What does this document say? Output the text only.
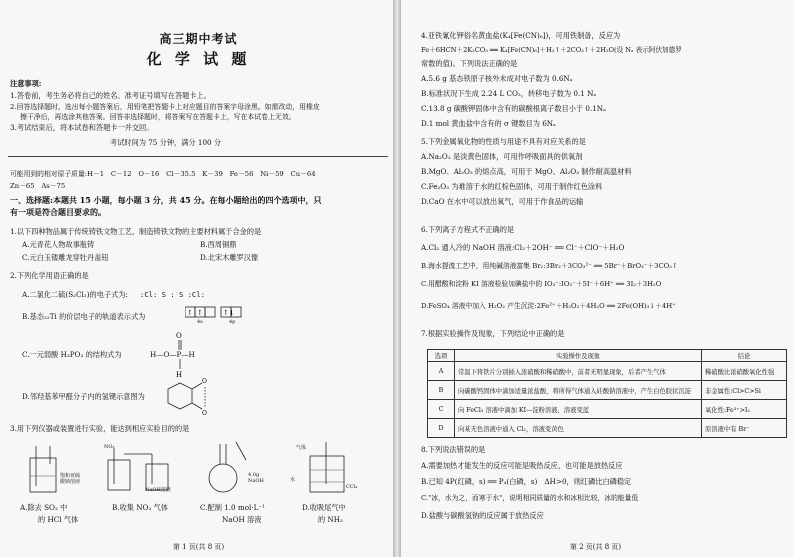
高三期中考试
化 学 试 题
注意事项:
1.答卷前，考生务必将自己的姓名、准考证号填写在答题卡上。
2.回答选择题时，选出每小题答案后，用铅笔把答题卡上对应题目的答案字母涂黑。如需改动，用橡皮
擦干净后，再选涂其他答案。回答非选择题时，将答案写在答题卡上，写在本试卷上无效。
3.考试结束后，将本试卷和答题卡一并交回。
考试时间为 75 分钟，满分 100 分
可能用到的相对原子质量:H－1　C－12　O－16　Cl－35.5　K－39　Fe－56　Ni－59　Cu－64
Zn－65　As－75
一、选择题:本题共 15 小题，每小题 3 分，共 45 分。在每小题给出的四个选项中，只
有一项是符合题目要求的。
1.以下四种物品属于传统铸铁文物工艺，制造铸铁文物的主要材料属于合金的是
A.元青花人物故事瓶铸	B.西周铜鼎
C.元白玉镂雕龙穿牡丹盖钮	D.北宋木雕罗汉像
2.下列化学用语正确的是
A.二氯化二硫(S₂Cl₂)的电子式为: :Cl: S : S :Cl:
B.基态₂₂Ti 的价层电子的轨道表示式为	↑ ↑	↑↓
4s	4p
C.一元弱酸 H₃PO₂ 的结构式为	H—O—P—H
O
H
D.邻羟基苯甲醛分子内的氢键示意图为
O
O
3.用下列仪器或装置进行实验，能达到相应实验目的的是
饱和亚硫
酸钠溶液
NO₂
NaOH溶液
4.0g
NaOH
气体
水
CCl₄
A.除去 SO₂ 中	B.收集 NO₂ 气体	C.配制 1.0 mol·L⁻¹	D.收吸尾气中
的 HCl 气体	NaOH 溶液	的 NH₃
第 1 页(共 8 页)
4.亚铁氰化钾俗名黄血盐(K₄[Fe(CN)₆])，可用铁制备，反应为
Fe＋6HCN＋2K₂CO₃ ══ K₄[Fe(CN)₆]＋H₂↑＋2CO₂↑＋2H₂O(设 Nₐ 表示阿伏加德罗
常数的值)。下列说法正确的是
A.5.6 g 基态铁原子核外未成对电子数为 0.6Nₐ
B.标准状况下生成 2.24 L CO₂，转移电子数为 0.1 Nₐ
C.13.8 g 碳酸钾固体中含有的碳酸根离子数目小于 0.1Nₐ
D.1 mol 黄血盐中含有的 σ 键数目为 6Nₐ
5.下列金属氧化物的性质与用途不具有对应关系的是
A.Na₂O₂ 是淡黄色固体，可用作呼吸面具的供氧剂
B.MgO、Al₂O₃ 的熔点高，可用于 MgO、Al₂O₃ 制作耐高温材料
C.Fe₂O₃ 为难溶于水的红棕色固体，可用于制作红色涂料
D.CaO 在水中可以放出氧气，可用于作食品的运输
6.下列离子方程式不正确的是
A.Cl₂ 通入冷的 NaOH 溶液:Cl₂＋2OH⁻ ══ Cl⁻＋ClO⁻＋H₂O
B.海水提溴工艺中，用纯碱溶液富集 Br₂:3Br₂＋3CO₃²⁻ ══ 5Br⁻＋BrO₃⁻＋3CO₂↑
C.用醋酸和淀粉 KI 溶液检验加碘盐中的 IO₃⁻:IO₃⁻＋5I⁻＋6H⁺ ══ 3I₂＋3H₂O
D.FeSO₄ 溶液中加入 H₂O₂ 产生沉淀:2Fe²⁺＋H₂O₂＋4H₂O ══ 2Fe(OH)₃↓＋4H⁺
7.根据实验操作及现象，下列结论中正确的是
选项	实验操作及现象	结论
A	常温下将铁片分别插入浓硝酸和稀硝酸中，前者无明显现象，后者产生气体	稀硝酸比浓硝酸氧化性强
B	向碳酸钙固体中滴加适量浓盐酸，将所得气体通入硅酸钠溶液中，产生白色胶状沉淀	非金属性:Cl>C>Si
C	向 FeCl₃ 溶液中滴加 KI—淀粉溶液，溶液变蓝	氧化性:Fe³⁺>I₂
D	向某无色溶液中通入 Cl₂，溶液变黄色	原溶液中有 Br⁻
8.下列说法错误的是
A.需要加热才能发生的反应可能是吸热反应，也可能是放热反应
B.已知 4P(红磷，s) ══ P₄(白磷，s)　ΔH>0，则红磷比白磷稳定
C."冰，水为之，而寒于水"，说明相同质量的水和冰相比较，冰的能量低
D.盐酸与碳酸氢钠的反应属于放热反应
第 2 页(共 8 页)
